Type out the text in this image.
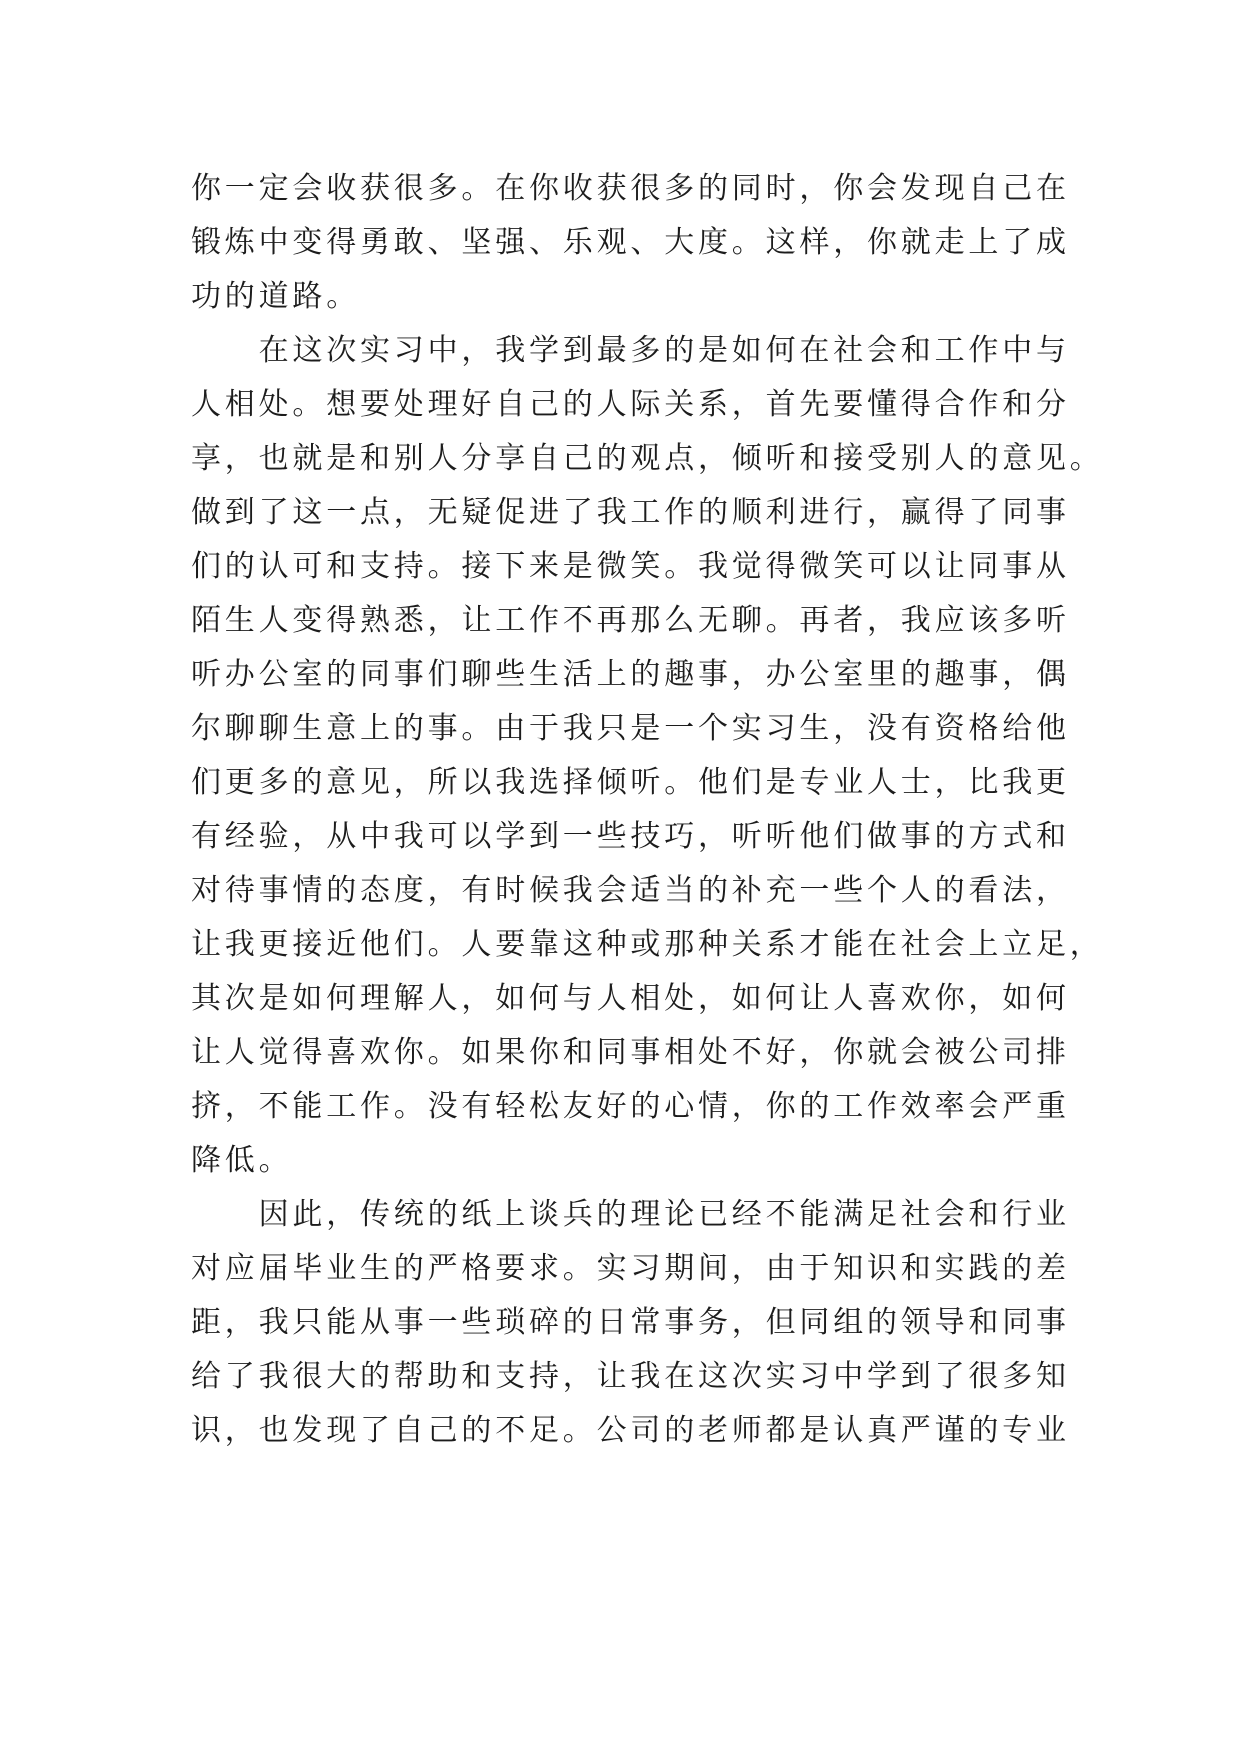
你一定会收获很多。在你收获很多的同时，你会发现自己在
锻炼中变得勇敢、坚强、乐观、大度。这样，你就走上了成
功的道路。
　　在这次实习中，我学到最多的是如何在社会和工作中与
人相处。想要处理好自己的人际关系，首先要懂得合作和分
享，也就是和别人分享自己的观点，倾听和接受别人的意见。
做到了这一点，无疑促进了我工作的顺利进行，赢得了同事
们的认可和支持。接下来是微笑。我觉得微笑可以让同事从
陌生人变得熟悉，让工作不再那么无聊。再者，我应该多听
听办公室的同事们聊些生活上的趣事，办公室里的趣事，偶
尔聊聊生意上的事。由于我只是一个实习生，没有资格给他
们更多的意见，所以我选择倾听。他们是专业人士，比我更
有经验，从中我可以学到一些技巧，听听他们做事的方式和
对待事情的态度，有时候我会适当的补充一些个人的看法，
让我更接近他们。人要靠这种或那种关系才能在社会上立足，
其次是如何理解人，如何与人相处，如何让人喜欢你，如何
让人觉得喜欢你。如果你和同事相处不好，你就会被公司排
挤，不能工作。没有轻松友好的心情，你的工作效率会严重
降低。
　　因此，传统的纸上谈兵的理论已经不能满足社会和行业
对应届毕业生的严格要求。实习期间，由于知识和实践的差
距，我只能从事一些琐碎的日常事务，但同组的领导和同事
给了我很大的帮助和支持，让我在这次实习中学到了很多知
识，也发现了自己的不足。公司的老师都是认真严谨的专业
